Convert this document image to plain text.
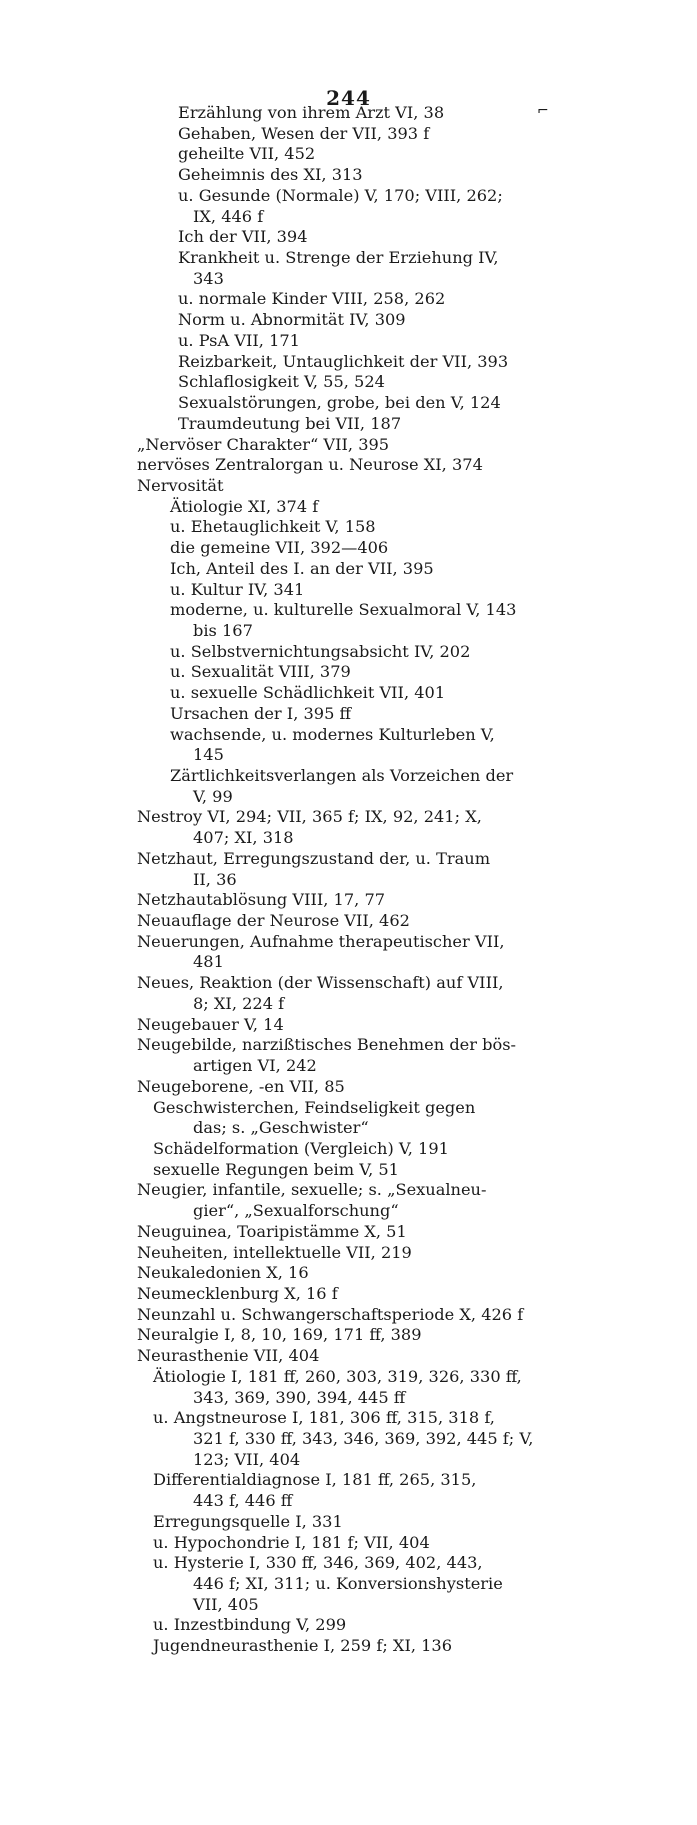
244
⌐
Erzählung von ihrem Arzt VI, 38
Gehaben, Wesen der VII, 393 f
geheilte VII, 452
Geheimnis des XI, 313
u. Gesunde (Normale) V, 170; VIII, 262;
IX, 446 f
Ich der VII, 394
Krankheit u. Strenge der Erziehung IV,
343
u. normale Kinder VIII, 258, 262
Norm u. Abnormität IV, 309
u. PsA VII, 171
Reizbarkeit, Untauglichkeit der VII, 393
Schlaflosigkeit V, 55, 524
Sexualstörungen, grobe, bei den V, 124
Traumdeutung bei VII, 187
„Nervöser Charakter“ VII, 395
nervöses Zentralorgan u. Neurose XI, 374
Nervosität
Ätiologie XI, 374 f
u. Ehetauglichkeit V, 158
die gemeine VII, 392—406
Ich, Anteil des I. an der VII, 395
u. Kultur IV, 341
moderne, u. kulturelle Sexualmoral V, 143
bis 167
u. Selbstvernichtungsabsicht IV, 202
u. Sexualität VIII, 379
u. sexuelle Schädlichkeit VII, 401
Ursachen der I, 395 ff
wachsende, u. modernes Kulturleben V,
145
Zärtlichkeitsverlangen als Vorzeichen der
V, 99
Nestroy VI, 294; VII, 365 f; IX, 92, 241; X,
407; XI, 318
Netzhaut, Erregungszustand der, u. Traum
II, 36
Netzhautablösung VIII, 17, 77
Neuauflage der Neurose VII, 462
Neuerungen, Aufnahme therapeutischer VII,
481
Neues, Reaktion (der Wissenschaft) auf VIII,
8; XI, 224 f
Neugebauer V, 14
Neugebilde, narzißtisches Benehmen der bös-
artigen VI, 242
Neugeborene, -en VII, 85
Geschwisterchen, Feindseligkeit gegen
das; s. „Geschwister“
Schädelformation (Vergleich) V, 191
sexuelle Regungen beim V, 51
Neugier, infantile, sexuelle; s. „Sexualneu-
gier“, „Sexualforschung“
Neuguinea, Toaripistämme X, 51
Neuheiten, intellektuelle VII, 219
Neukaledonien X, 16
Neumecklenburg X, 16 f
Neunzahl u. Schwangerschaftsperiode X, 426 f
Neuralgie I, 8, 10, 169, 171 ff, 389
Neurasthenie VII, 404
Ätiologie I, 181 ff, 260, 303, 319, 326, 330 ff,
343, 369, 390, 394, 445 ff
u. Angstneurose I, 181, 306 ff, 315, 318 f,
321 f, 330 ff, 343, 346, 369, 392, 445 f; V,
123; VII, 404
Differentialdiagnose I, 181 ff, 265, 315,
443 f, 446 ff
Erregungsquelle I, 331
u. Hypochondrie I, 181 f; VII, 404
u. Hysterie I, 330 ff, 346, 369, 402, 443,
446 f; XI, 311; u. Konversionshysterie
VII, 405
u. Inzestbindung V, 299
Jugendneurasthenie I, 259 f; XI, 136
